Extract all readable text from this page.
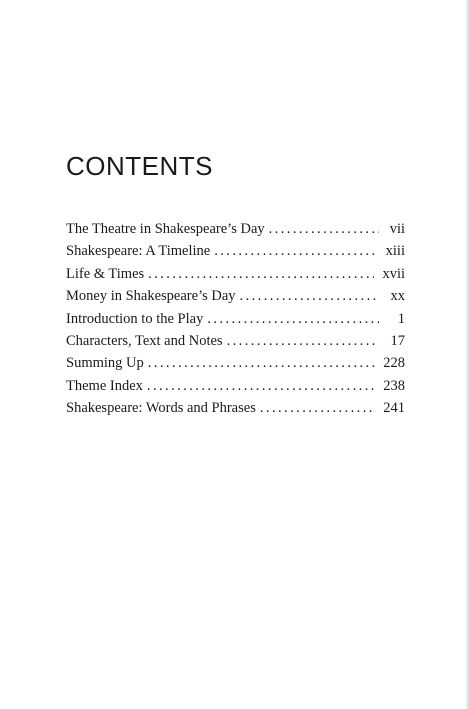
CONTENTS
The Theatre in Shakespeare’s Day . . .	vii
Shakespeare: A Timeline . . .	xiii
Life & Times . . .	xvii
Money in Shakespeare’s Day . . .	xx
Introduction to the Play . . .	1
Characters, Text and Notes . . .	17
Summing Up . . .	228
Theme Index . . .	238
Shakespeare: Words and Phrases . . .	241
